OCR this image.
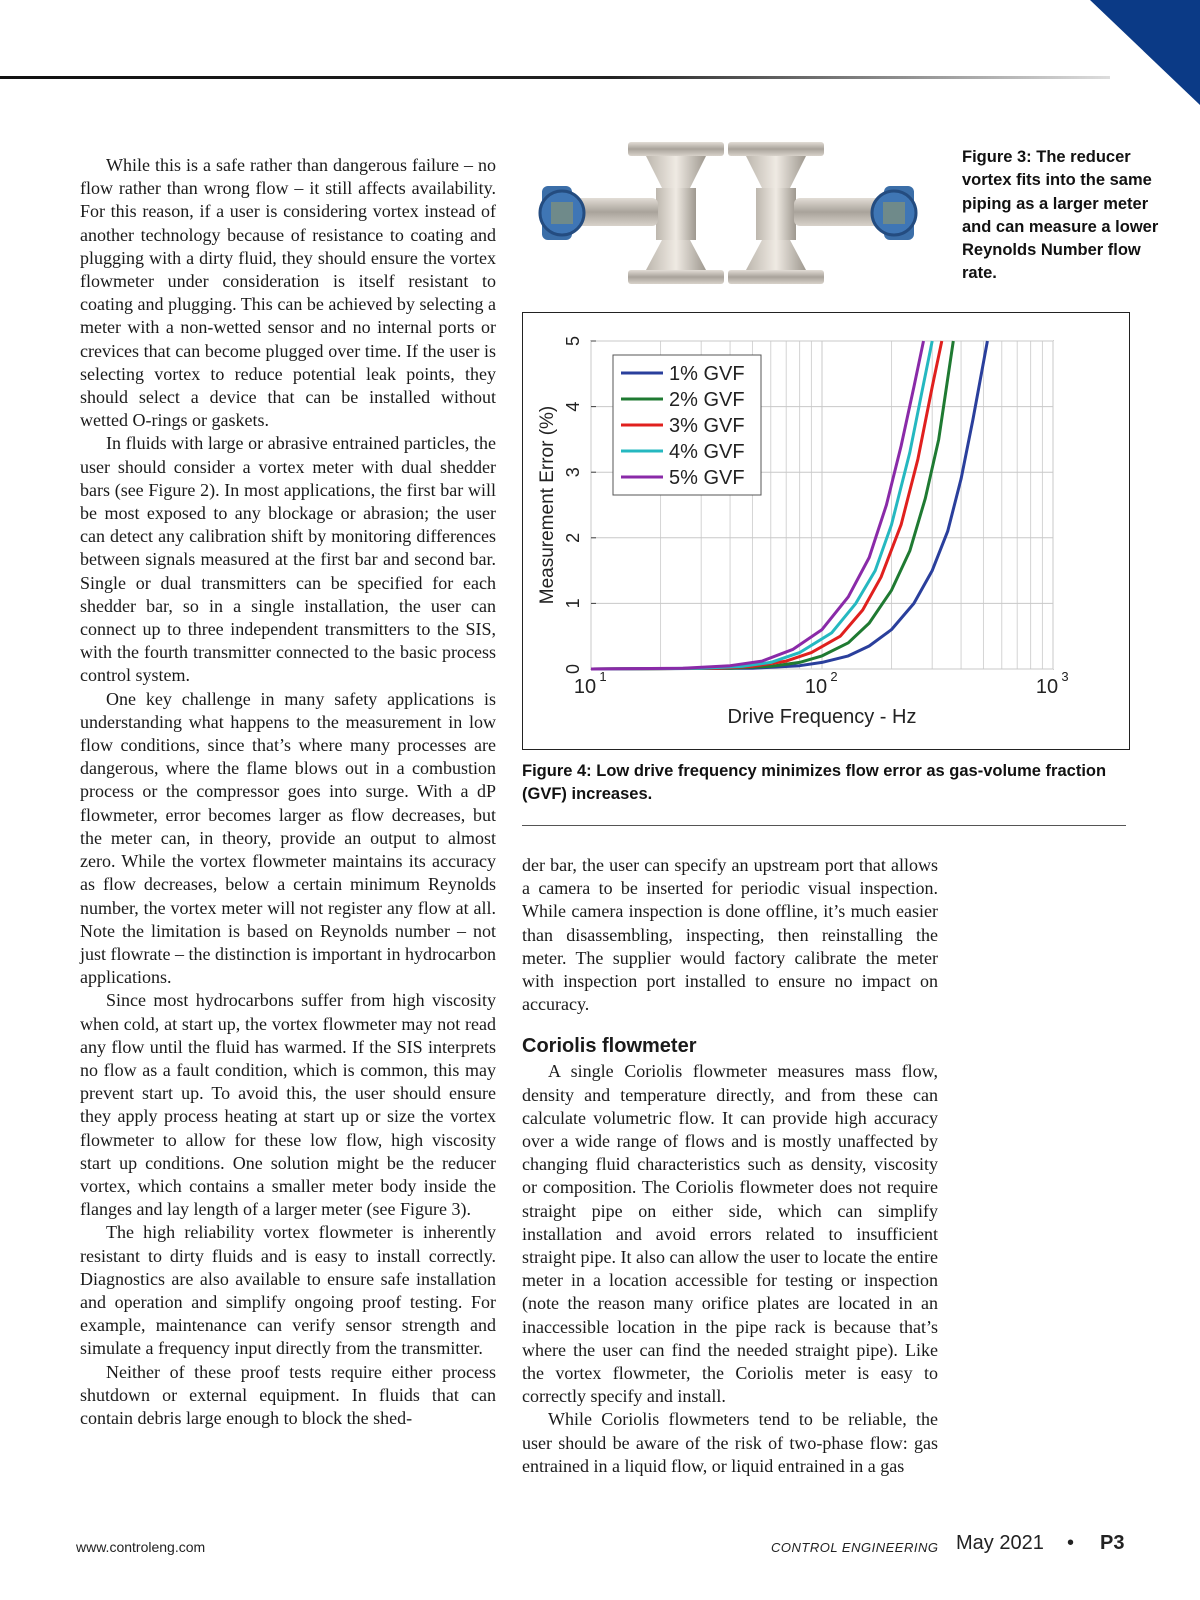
While this is a safe rather than dangerous failure – no flow rather than wrong flow – it still affects availability. For this reason, if a user is considering vortex instead of another technology because of resistance to coating and plugging with a dirty fluid, they should ensure the vortex flowmeter under consideration is itself resistant to coating and plugging. This can be achieved by selecting a meter with a non-wetted sensor and no internal ports or crevices that can become plugged over time. If the user is selecting vortex to reduce potential leak points, they should select a device that can be installed without wetted O-rings or gaskets.

In fluids with large or abrasive entrained particles, the user should consider a vortex meter with dual shedder bars (see Figure 2). In most applications, the first bar will be most exposed to any blockage or abrasion; the user can detect any calibration shift by monitoring differences between signals measured at the first bar and second bar. Single or dual transmitters can be specified for each shedder bar, so in a single installation, the user can connect up to three independent transmitters to the SIS, with the fourth transmitter connected to the basic process control system.

One key challenge in many safety applications is understanding what happens to the measurement in low flow conditions, since that’s where many processes are dangerous, where the flame blows out in a combustion process or the compressor goes into surge. With a dP flowmeter, error becomes larger as flow decreases, but the meter can, in theory, provide an output to almost zero. While the vortex flowmeter maintains its accuracy as flow decreases, below a certain minimum Reynolds number, the vortex meter will not register any flow at all. Note the limitation is based on Reynolds number – not just flowrate – the distinction is important in hydrocarbon applications.

Since most hydrocarbons suffer from high viscosity when cold, at start up, the vortex flowmeter may not read any flow until the fluid has warmed. If the SIS interprets no flow as a fault condition, which is common, this may prevent start up. To avoid this, the user should ensure they apply process heating at start up or size the vortex flowmeter to allow for these low flow, high viscosity start up conditions. One solution might be the reducer vortex, which contains a smaller meter body inside the flanges and lay length of a larger meter (see Figure 3).

The high reliability vortex flowmeter is inherently resistant to dirty fluids and is easy to install correctly. Diagnostics are also available to ensure safe installation and operation and simplify ongoing proof testing. For example, maintenance can verify sensor strength and simulate a frequency input directly from the transmitter.

Neither of these proof tests require either process shutdown or external equipment. In fluids that can contain debris large enough to block the shed-

Figure 3: The reducer vortex fits into the same piping as a larger meter and can measure a lower Reynolds Number flow rate.
0
1
2
3
4
5
10 1	10 2	10 3
Drive Frequency - Hz
Measurement Error (%)
1% GVF
2% GVF
3% GVF
4% GVF
5% GVF
Figure 4: Low drive frequency minimizes flow error as gas-volume fraction (GVF) increases.

der bar, the user can specify an upstream port that allows a camera to be inserted for periodic visual inspection. While camera inspection is done offline, it’s much easier than disassembling, inspecting, then reinstalling the meter. The supplier would factory calibrate the meter with inspection port installed to ensure no impact on accuracy.

Coriolis flowmeter

A single Coriolis flowmeter measures mass flow, density and temperature directly, and from these can calculate volumetric flow. It can provide high accuracy over a wide range of flows and is mostly unaffected by changing fluid characteristics such as density, viscosity or composition. The Coriolis flowmeter does not require straight pipe on either side, which can simplify installation and avoid errors related to insufficient straight pipe. It also can allow the user to locate the entire meter in a location accessible for testing or inspection (note the reason many orifice plates are located in an inaccessible location in the pipe rack is because that’s where the user can find the needed straight pipe). Like the vortex flowmeter, the Coriolis meter is easy to correctly specify and install.

While Coriolis flowmeters tend to be reliable, the user should be aware of the risk of two-phase flow: gas entrained in a liquid flow, or liquid entrained in a gas

www.controleng.com	CONTROL ENGINEERING May 2021 • P3
